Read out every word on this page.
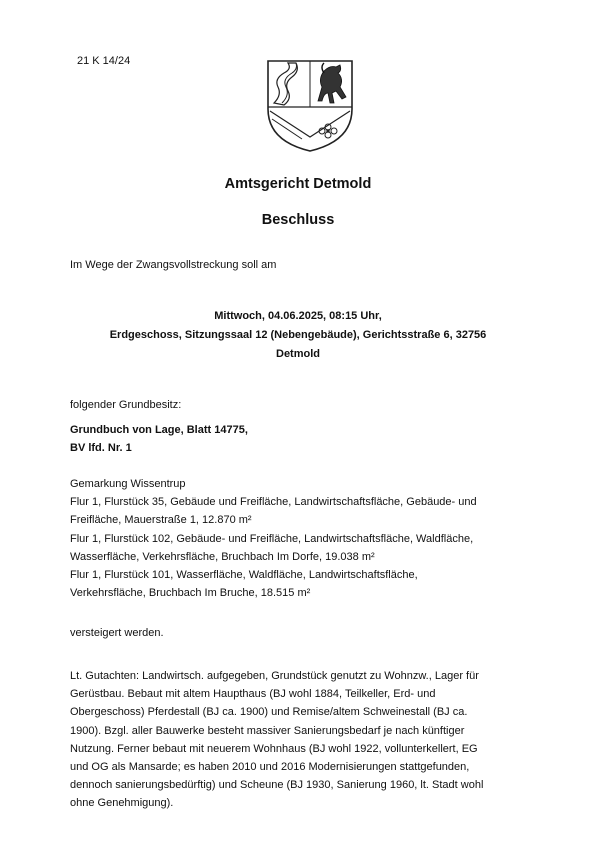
21 K 14/24
Amtsgericht Detmold
Beschluss
Im Wege der Zwangsvollstreckung soll am
Mittwoch, 04.06.2025, 08:15 Uhr,
Erdgeschoss, Sitzungssaal 12 (Nebengebäude), Gerichtsstraße 6, 32756
Detmold
folgender Grundbesitz:
Grundbuch von Lage, Blatt 14775,
BV lfd. Nr. 1
Gemarkung Wissentrup
Flur 1, Flurstück 35, Gebäude und Freifläche, Landwirtschaftsfläche, Gebäude- und
Freifläche, Mauerstraße 1, 12.870 m²
Flur 1, Flurstück 102, Gebäude- und Freifläche, Landwirtschaftsfläche, Waldfläche,
Wasserfläche, Verkehrsfläche, Bruchbach Im Dorfe, 19.038 m²
Flur 1, Flurstück 101, Wasserfläche, Waldfläche, Landwirtschaftsfläche,
Verkehrsfläche, Bruchbach Im Bruche, 18.515 m²
versteigert werden.
Lt. Gutachten: Landwirtsch. aufgegeben, Grundstück genutzt zu Wohnzw., Lager für
Gerüstbau. Bebaut mit altem Haupthaus (BJ wohl 1884, Teilkeller, Erd- und
Obergeschoss) Pferdestall (BJ ca. 1900) und Remise/altem Schweinestall (BJ ca.
1900). Bzgl. aller Bauwerke besteht massiver Sanierungsbedarf je nach künftiger
Nutzung. Ferner bebaut mit neuerem Wohnhaus (BJ wohl 1922, vollunterkellert, EG
und OG als Mansarde; es haben 2010 und 2016 Modernisierungen stattgefunden,
dennoch sanierungsbedürftig) und Scheune (BJ 1930, Sanierung 1960, lt. Stadt wohl
ohne Genehmigung).
